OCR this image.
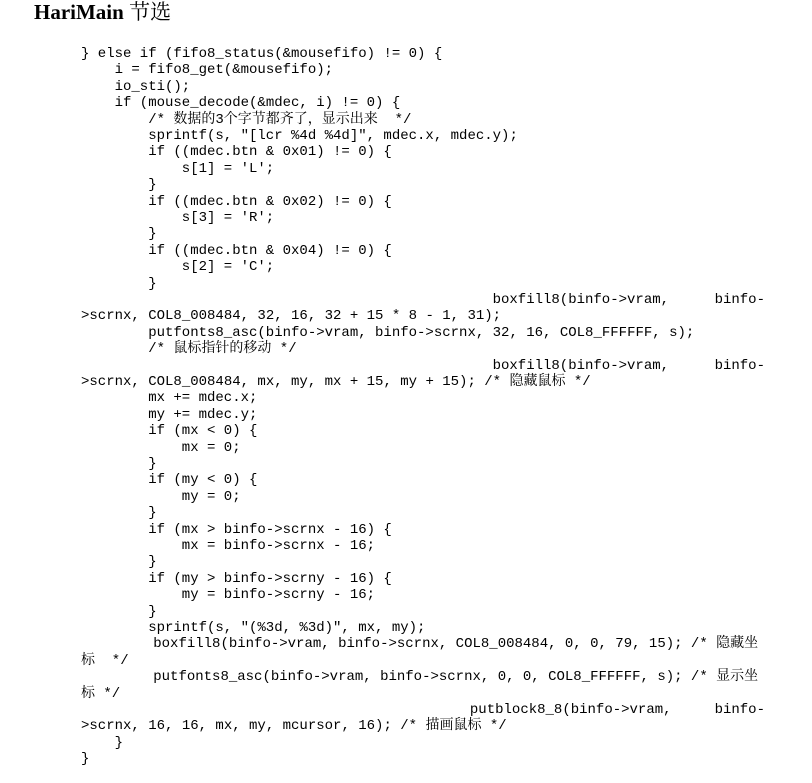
HariMain 节选
} else if (fifo8_status(&mousefifo) != 0) {
i = fifo8_get(&mousefifo);
io_sti();
if (mouse_decode(&mdec, i) != 0) {
/* 数据的3个字节都齐了，显示出来  */
sprintf(s, "[lcr %4d %4d]", mdec.x, mdec.y);
if ((mdec.btn & 0x01) != 0) {
s[1] = 'L';
}
if ((mdec.btn & 0x02) != 0) {
s[3] = 'R';
}
if ((mdec.btn & 0x04) != 0) {
s[2] = 'C';
}
boxfill8(binfo->vram,	binfo-
>scrnx, COL8_008484, 32, 16, 32 + 15 * 8 - 1, 31);
putfonts8_asc(binfo->vram, binfo->scrnx, 32, 16, COL8_FFFFFF, s);
/* 鼠标指针的移动 */
boxfill8(binfo->vram,	binfo-
>scrnx, COL8_008484, mx, my, mx + 15, my + 15); /* 隐藏鼠标 */
mx += mdec.x;
my += mdec.y;
if (mx < 0) {
mx = 0;
}
if (my < 0) {
my = 0;
}
if (mx > binfo->scrnx - 16) {
mx = binfo->scrnx - 16;
}
if (my > binfo->scrny - 16) {
my = binfo->scrny - 16;
}
sprintf(s, "(%3d, %3d)", mx, my);
boxfill8(binfo->vram, binfo->scrnx, COL8_008484, 0, 0, 79, 15); /* 隐藏坐
标  */
putfonts8_asc(binfo->vram, binfo->scrnx, 0, 0, COL8_FFFFFF, s); /* 显示坐
标 */
putblock8_8(binfo->vram,	binfo-
>scrnx, 16, 16, mx, my, mcursor, 16); /* 描画鼠标 */
}
}
